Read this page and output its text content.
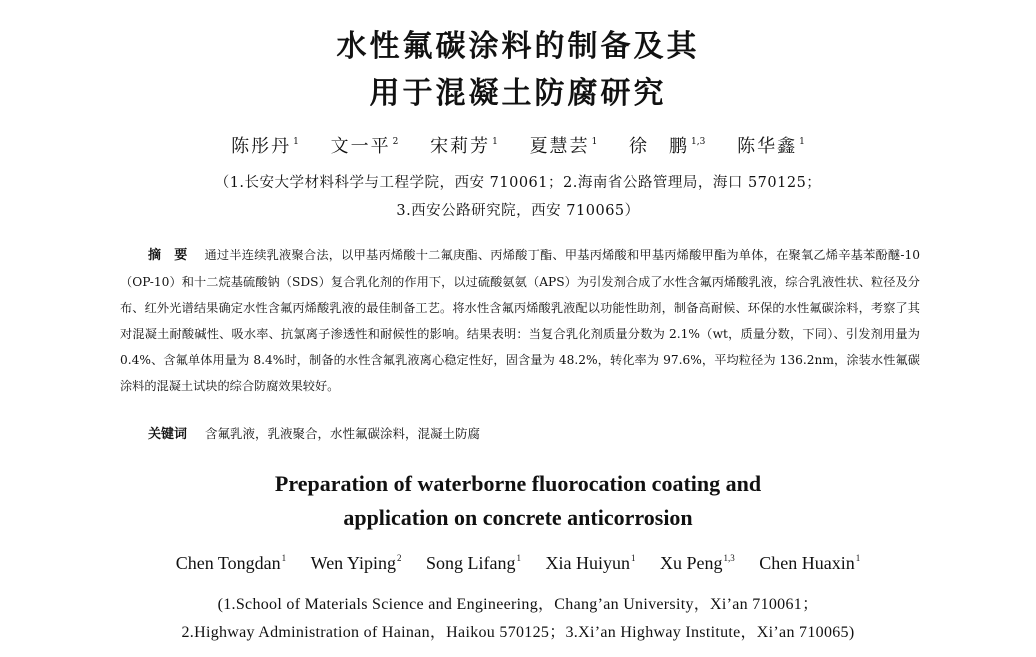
水性氟碳涂料的制备及其
用于混凝土防腐研究
陈彤丹 $^1$ 文一平 $^2$ 宋莉芳 $^1$ 夏慧芸 $^1$ 徐　鹏 $^{1,3}$ 陈华鑫 $^1$
（1.长安大学材料科学与工程学院，西安 710061；2.海南省公路管理局，海口 570125；
3.西安公路研究院，西安 710065）
摘要 通过半连续乳液聚合法，以甲基丙烯酸十二氟庚酯、丙烯酸丁酯、甲基丙烯酸和甲基丙烯酸甲酯为单体，在聚氧乙烯辛基苯酚醚-10（OP-10）和十二烷基硫酸钠（SDS）复合乳化剂的作用下，以过硫酸氨氨（APS）为引发剂合成了水性含氟丙烯酸乳液，综合乳液性状、粒径及分布、红外光谱结果确定水性含氟丙烯酸乳液的最佳制备工艺。将水性含氟丙烯酸乳液配以功能性助剂，制备高耐候、环保的水性氟碳涂料，考察了其对混凝土耐酸碱性、吸水率、抗氯离子渗透性和耐候性的影响。结果表明：当复合乳化剂质量分数为 2.1%（wt，质量分数，下同）、引发剂用量为 0.4%、含氟单体用量为 8.4%时，制备的水性含氟乳液离心稳定性好，固含量为 48.2%，转化率为 97.6%，平均粒径为 136.2nm，涂装水性氟碳涂料的混凝土试块的综合防腐效果较好。
关键词 含氟乳液，乳液聚合，水性氟碳涂料，混凝土防腐
Preparation of waterborne fluorocation coating and
application on concrete anticorrosion
Chen Tongdan$^1$ Wen Yiping$^2$ Song Lifang$^1$ Xia Huiyun$^1$ Xu Peng$^{1,3}$ Chen Huaxin$^1$
(1.School of Materials Science and Engineering，Chang’an University，Xi’an 710061；
2.Highway Administration of Hainan，Haikou 570125；3.Xi’an Highway Institute，Xi’an 710065)
